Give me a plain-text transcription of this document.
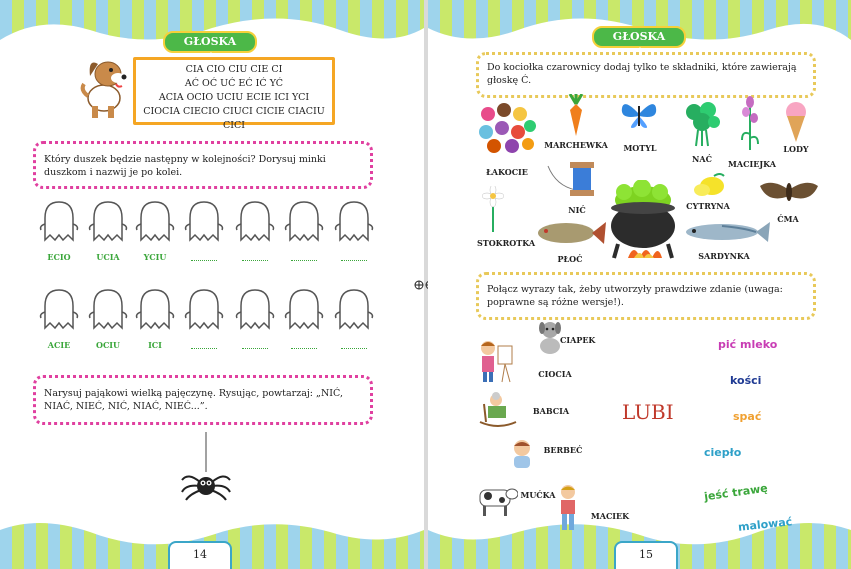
GŁOSKA
CIA CIO CIU CIE CI
AĆ OĆ UĆ EĆ IĆ YĆ
ACIA OCIO UCIU ECIE ICI YCI
CIOCIA CIECIO CIUCI CICIE CIACIU CICI
Który duszek będzie następny w kolejności? Dorysuj minki duszkom i nazwij je po kolei.
ECIO	UCIA	YCIU
ACIE	OCIU	ICI
Narysuj pająkowi wielką pajęczynę. Rysując, powtarzaj: „NIĆ, NIAĆ, NIEĆ, NIĆ, NIAĆ, NIEĆ...”.
14
GŁOSKA Ć
Do kociołka czarownicy dodaj tylko te składniki, które zawierają głoskę Ć.
ŁAKOCIE
MARCHEWKA	MOTYL
NAĆ	MACIEJKA
LODY
NIĆ	CYTRYNA
ĆMA
STOKROTKA
PŁOĆ	SARDYNKA
Połącz wyrazy tak, żeby utworzyły prawdziwe zdanie (uwaga: poprawne są różne wersje!).
CIAPEK
CIOCIA
BABCIA
BERBEĆ
MUĆKA
MACIEK
LUBI
pić mleko
kości
spać
ciepło
jeść trawę
malować
15
